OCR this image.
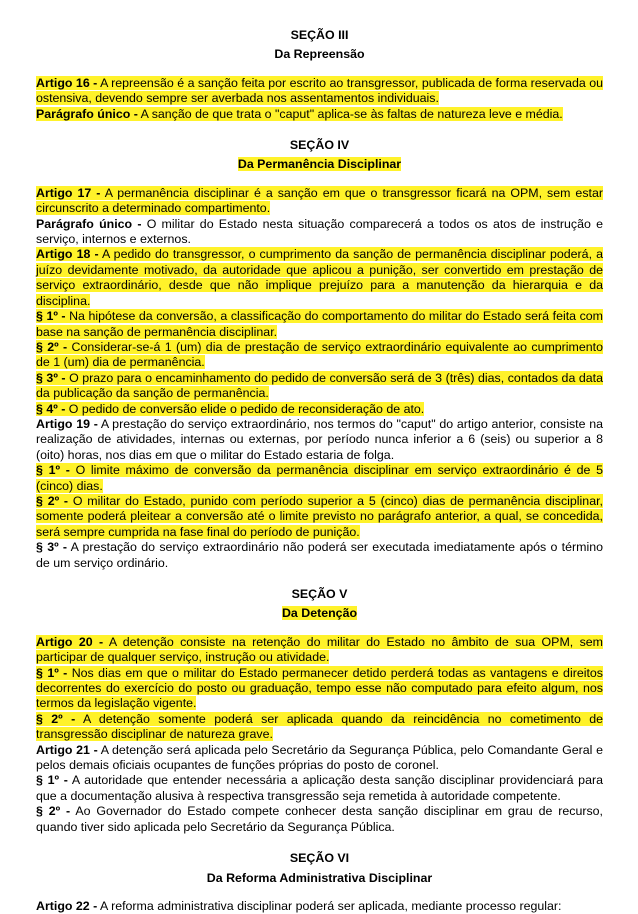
SEÇÃO III
Da Repreensão

Artigo 16 - A repreensão é a sanção feita por escrito ao transgressor, publicada de forma reservada ou ostensiva, devendo sempre ser averbada nos assentamentos individuais.

Parágrafo único - A sanção de que trata o "caput" aplica-se às faltas de natureza leve e média.

SEÇÃO IV
Da Permanência Disciplinar

Artigo 17 - A permanência disciplinar é a sanção em que o transgressor ficará na OPM, sem estar circunscrito a determinado compartimento.

Parágrafo único - O militar do Estado nesta situação comparecerá a todos os atos de instrução e serviço, internos e externos.

Artigo 18 - A pedido do transgressor, o cumprimento da sanção de permanência disciplinar poderá, a juízo devidamente motivado, da autoridade que aplicou a punição, ser convertido em prestação de serviço extraordinário, desde que não implique prejuízo para a manutenção da hierarquia e da disciplina.

§ 1º - Na hipótese da conversão, a classificação do comportamento do militar do Estado será feita com base na sanção de permanência disciplinar.

§ 2º - Considerar-se-á 1 (um) dia de prestação de serviço extraordinário equivalente ao cumprimento de 1 (um) dia de permanência.

§ 3º - O prazo para o encaminhamento do pedido de conversão será de 3 (três) dias, contados da data da publicação da sanção de permanência.

§ 4º - O pedido de conversão elide o pedido de reconsideração de ato.

Artigo 19 - A prestação do serviço extraordinário, nos termos do "caput" do artigo anterior, consiste na realização de atividades, internas ou externas, por período nunca inferior a 6 (seis) ou superior a 8 (oito) horas, nos dias em que o militar do Estado estaria de folga.

§ 1º - O limite máximo de conversão da permanência disciplinar em serviço extraordinário é de 5 (cinco) dias.

§ 2º - O militar do Estado, punido com período superior a 5 (cinco) dias de permanência disciplinar, somente poderá pleitear a conversão até o limite previsto no parágrafo anterior, a qual, se concedida, será sempre cumprida na fase final do período de punição.

§ 3º - A prestação do serviço extraordinário não poderá ser executada imediatamente após o término de um serviço ordinário.

SEÇÃO V
Da Detenção

Artigo 20 - A detenção consiste na retenção do militar do Estado no âmbito de sua OPM, sem participar de qualquer serviço, instrução ou atividade.

§ 1º - Nos dias em que o militar do Estado permanecer detido perderá todas as vantagens e direitos decorrentes do exercício do posto ou graduação, tempo esse não computado para efeito algum, nos termos da legislação vigente.

§ 2º - A detenção somente poderá ser aplicada quando da reincidência no cometimento de transgressão disciplinar de natureza grave.

Artigo 21 - A detenção será aplicada pelo Secretário da Segurança Pública, pelo Comandante Geral e pelos demais oficiais ocupantes de funções próprias do posto de coronel.

§ 1º - A autoridade que entender necessária a aplicação desta sanção disciplinar providenciará para que a documentação alusiva à respectiva transgressão seja remetida à autoridade competente.

§ 2º - Ao Governador do Estado compete conhecer desta sanção disciplinar em grau de recurso, quando tiver sido aplicada pelo Secretário da Segurança Pública.

SEÇÃO VI
Da Reforma Administrativa Disciplinar

Artigo 22 - A reforma administrativa disciplinar poderá ser aplicada, mediante processo regular:
